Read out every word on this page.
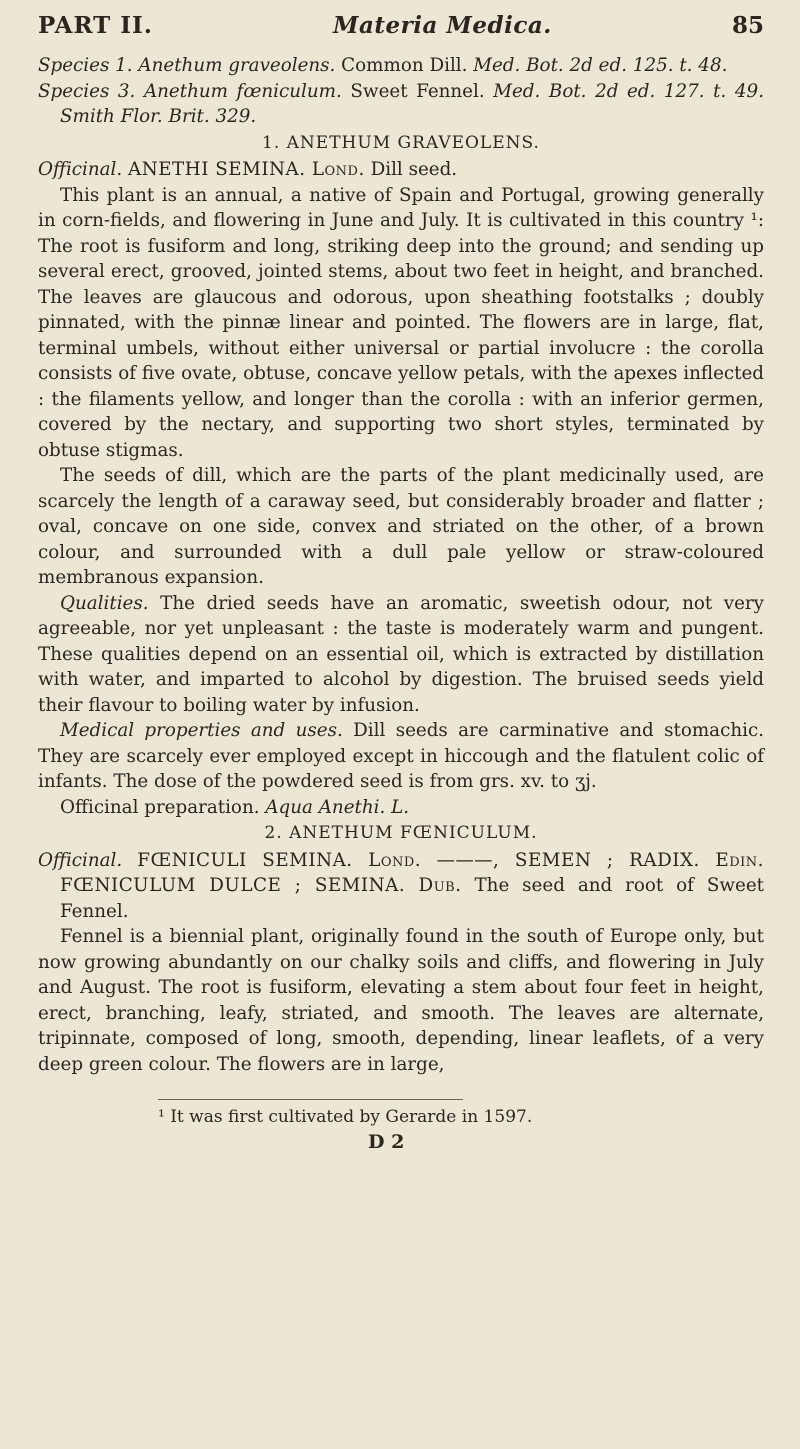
PART II.	Materia Medica.	85

Species 1. Anethum graveolens. Common Dill. Med. Bot. 2d ed. 125. t. 48.

Species 3. Anethum fœniculum. Sweet Fennel. Med. Bot. 2d ed. 127. t. 49. Smith Flor. Brit. 329.

1. ANETHUM GRAVEOLENS.

Officinal. ANETHI SEMINA. Lond. Dill seed.

This plant is an annual, a native of Spain and Portugal, growing generally in corn-fields, and flowering in June and July. It is cultivated in this country ¹: The root is fusiform and long, striking deep into the ground; and sending up several erect, grooved, jointed stems, about two feet in height, and branched. The leaves are glaucous and odorous, upon sheathing footstalks ; doubly pinnated, with the pinnæ linear and pointed. The flowers are in large, flat, terminal umbels, without either universal or partial involucre : the corolla consists of five ovate, obtuse, concave yellow petals, with the apexes inflected : the filaments yellow, and longer than the corolla : with an inferior germen, covered by the nectary, and supporting two short styles, terminated by obtuse stigmas.

The seeds of dill, which are the parts of the plant medicinally used, are scarcely the length of a caraway seed, but considerably broader and flatter ; oval, concave on one side, convex and striated on the other, of a brown colour, and surrounded with a dull pale yellow or straw-coloured membranous expansion.

Qualities. The dried seeds have an aromatic, sweetish odour, not very agreeable, nor yet unpleasant : the taste is moderately warm and pungent. These qualities depend on an essential oil, which is extracted by distillation with water, and imparted to alcohol by digestion. The bruised seeds yield their flavour to boiling water by infusion.

Medical properties and uses. Dill seeds are carminative and stomachic. They are scarcely ever employed except in hiccough and the flatulent colic of infants. The dose of the powdered seed is from grs. xv. to ʒj.

Officinal preparation. Aqua Anethi. L.

2. ANETHUM FŒNICULUM.

Officinal. FŒNICULI SEMINA. Lond. ———, SEMEN ; RADIX. Edin. FŒNICULUM DULCE ; SEMINA. Dub. The seed and root of Sweet Fennel.

Fennel is a biennial plant, originally found in the south of Europe only, but now growing abundantly on our chalky soils and cliffs, and flowering in July and August. The root is fusiform, elevating a stem about four feet in height, erect, branching, leafy, striated, and smooth. The leaves are alternate, tripinnate, composed of long, smooth, depending, linear leaflets, of a very deep green colour. The flowers are in large,

¹ It was first cultivated by Gerarde in 1597.
D 2
